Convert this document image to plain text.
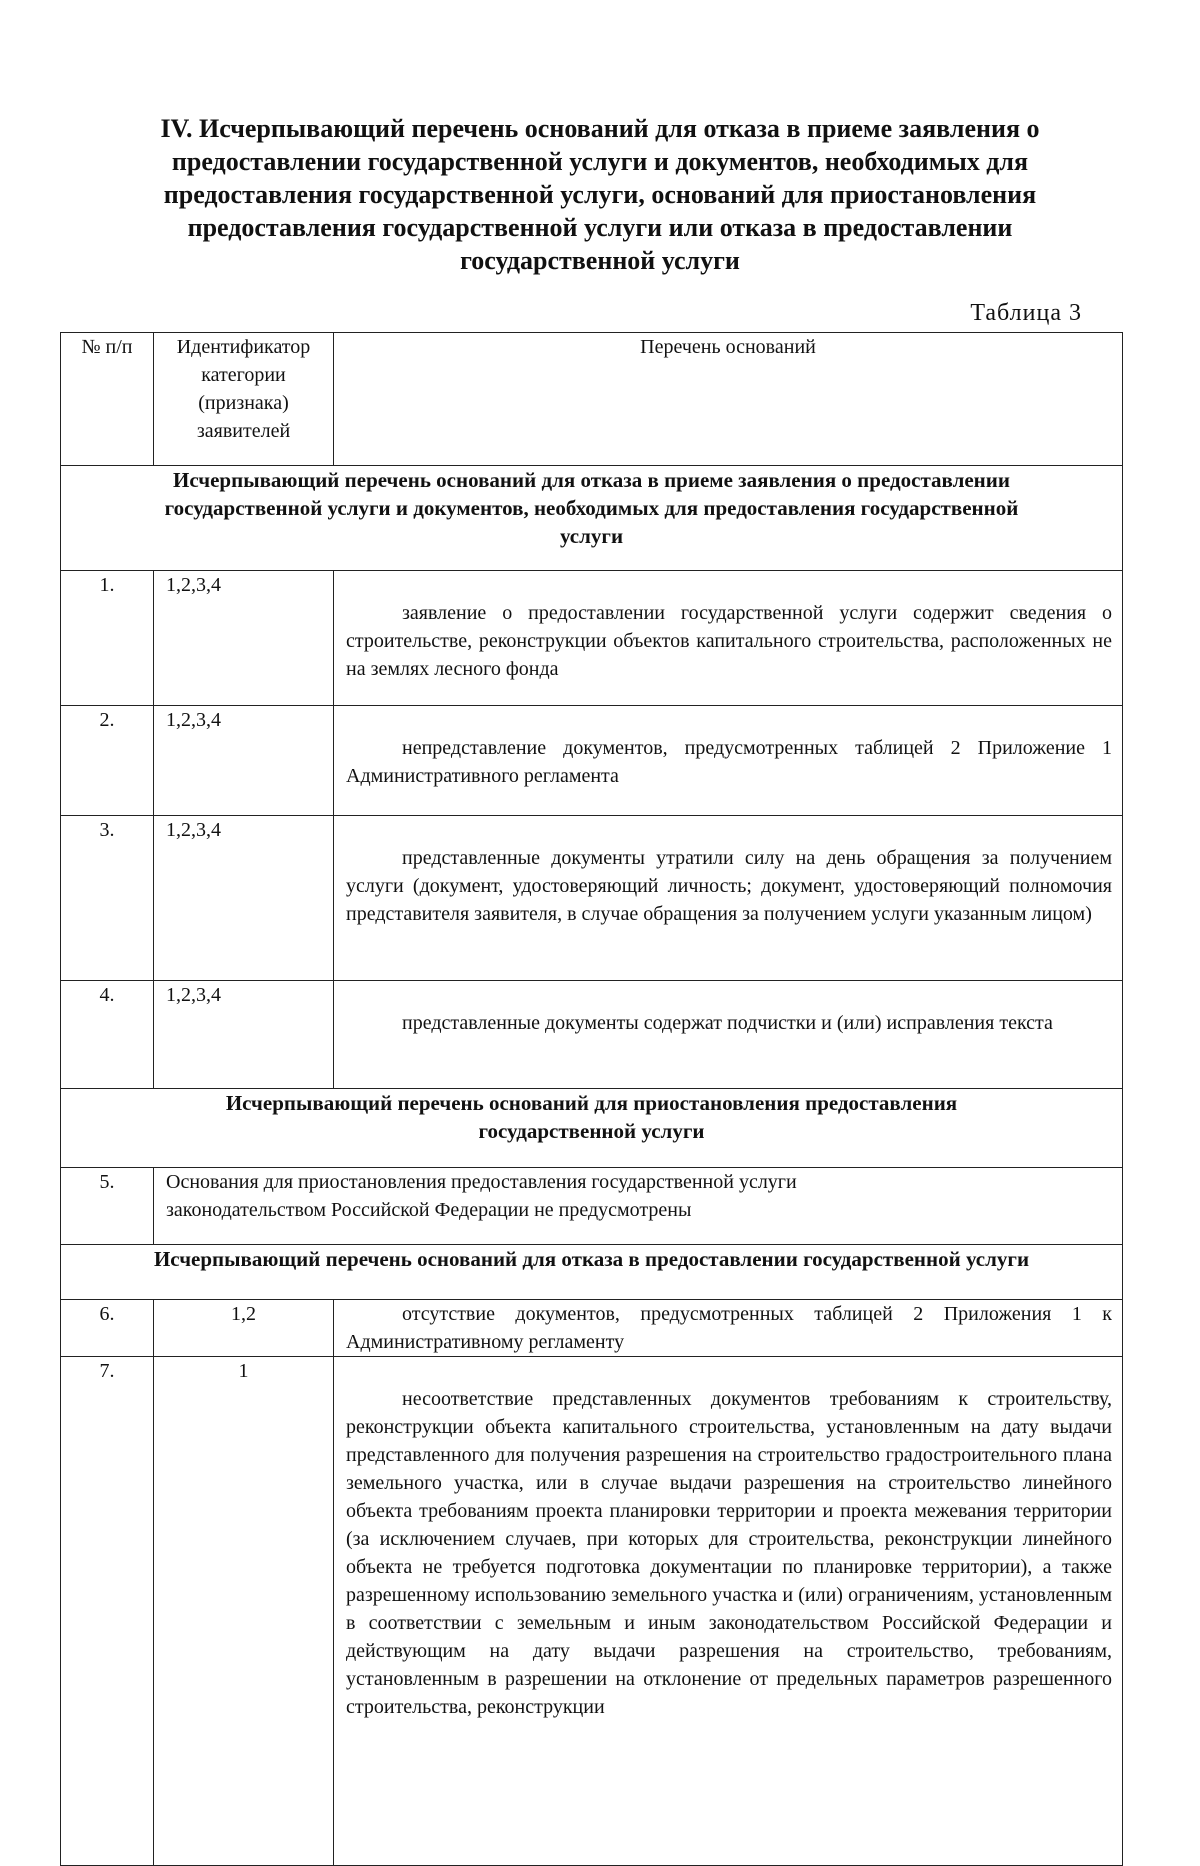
IV. Исчерпывающий перечень оснований для отказа в приеме заявления о
предоставлении государственной услуги и документов, необходимых для
предоставления государственной услуги, оснований для приостановления
предоставления государственной услуги или отказа в предоставлении
государственной услуги
Таблица 3
№ п/п	Идентификатор категории (признака) заявителей	Перечень оснований

Исчерпывающий перечень оснований для отказа в приеме заявления о предоставлении
государственной услуги и документов, необходимых для предоставления государственной
услуги		

1.	1,2,3,4	заявление о предоставлении государственной услуги содержит сведения о строительстве, реконструкции объектов капитального строительства, расположенных не на землях лесного фонда
2.	1,2,3,4	непредставление документов, предусмотренных таблицей 2 Приложение 1 Административного регламента
3.	1,2,3,4	представленные документы утратили силу на день обращения за получением услуги (документ, удостоверяющий личность; документ, удостоверяющий полномочия представителя заявителя, в случае обращения за получением услуги указанным лицом)
4.	1,2,3,4	представленные документы содержат подчистки и (или) исправления текста

Исчерпывающий перечень оснований для приостановления предоставления
государственной услуги		

5.	Основания для приостановления предоставления государственной услуги
законодательством Российской Федерации не предусмотрены	

Исчерпывающий перечень оснований для отказа в предоставлении государственной услуги		

6.	1,2	отсутствие документов, предусмотренных таблицей 2 Приложения 1 к Административному регламенту
7.	1	несоответствие представленных документов требованиям к строительству, реконструкции объекта капитального строительства, установленным на дату выдачи представленного для получения разрешения на строительство градостроительного плана земельного участка, или в случае выдачи разрешения на строительство линейного объекта требованиям проекта планировки территории и проекта межевания территории (за исключением случаев, при которых для строительства, реконструкции линейного объекта не требуется подготовка документации по планировке территории), а также разрешенному использованию земельного участка и (или) ограничениям, установленным в соответствии с земельным и иным законодательством Российской Федерации и действующим на дату выдачи разрешения на строительство, требованиям, установленным в разрешении на отклонение от предельных параметров разрешенного строительства, реконструкции
